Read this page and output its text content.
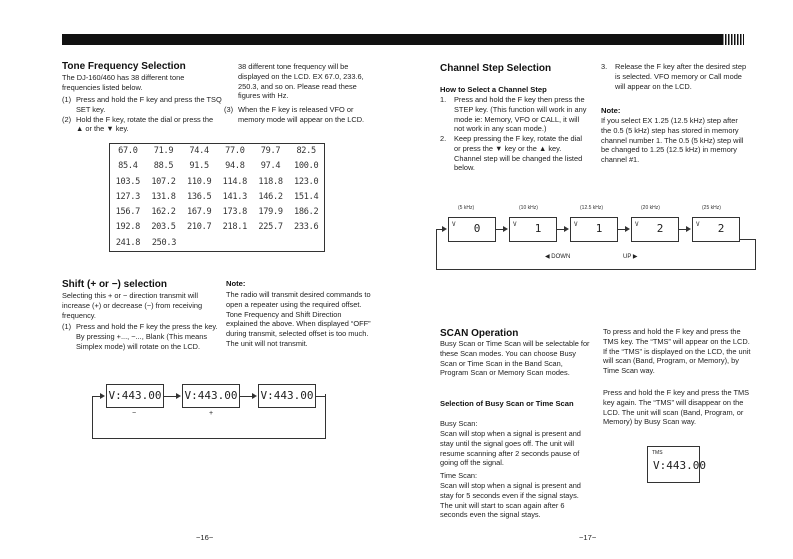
Tone Frequency Selection

The DJ-160/460 has 38 different tone frequencies listed below.

(1) Press and hold the F key and press the TSQ SET key.
(2) Hold the F key, rotate the dial or press the ▲ or the ▼ key.

38 different tone frequency will be displayed on the LCD. EX 67.0, 233.6, 250.3, and so on. Please read these figures with Hz.

(3) When the F key is released VFO or memory mode will appear on the LCD.
67.0	71.9	74.4	77.0	79.7	82.5
85.4	88.5	91.5	94.8	97.4	100.0
103.5	107.2	110.9	114.8	118.8	123.0
127.3	131.8	136.5	141.3	146.2	151.4
156.7	162.2	167.9	173.8	179.9	186.2
192.8	203.5	210.7	218.1	225.7	233.6
241.8	250.3
Shift (+ or −) selection

Selecting this + or − direction transmit will increase (+) or decrease (−) from receiving frequency.

(1) Press and hold the F key the press the key. By pressing +..., −..., Blank (This means Simplex mode) will rotate on the LCD.
Note:

The radio will transmit desired commands to open a repeater using the required offset. Tone Frequency and Shift Direction explained the above. When displayed “OFF” during transmit, selected offset is too much. The unit will not transmit.

V:443.00
−
V:443.00
+
V:443.00
−16−
Channel Step Selection
How to Select a Channel Step
1. Press and hold the F key then press the STEP key. (This function will work in any mode ie: Memory, VFO or CALL, it will not work in any scan mode.)
2. Keep pressing the F key, rotate the dial or press the ▼ key or the ▲ key. Channel step will be changed the listed below.
3. Release the F key after the desired step is selected. VFO memory or Call mode will appear on the LCD.
Note:

If you select EX 1.25 (12.5 kHz) step after the 0.5 (5 kHz) step has stored in memory channel number 1. The 0.5 (5 kHz) step will be changed to 1.25 (12.5 kHz) in memory channel #1.

(5 kHz)
V 0
(10 kHz)
V 1
(12.5 kHz)
V 1
(20 kHz)
V 2
(25 kHz)
V 2
◀ DOWN	UP ▶
SCAN Operation

Busy Scan or Time Scan will be selectable for these Scan modes. You can choose Busy Scan or Time Scan in the Band Scan, Program Scan or Memory Scan modes.

Selection of Busy Scan or Time Scan

Busy Scan:

Scan will stop when a signal is present and stay until the signal goes off. The unit will resume scanning after 2 seconds pause of going off the signal.

Time Scan:

Scan will stop when a signal is present and stay for 5 seconds even if the signal stays. The unit will start to scan again after 6 seconds even the signal stays.

To press and hold the F key and press the TMS key. The “TMS” will appear on the LCD. If the “TMS” is displayed on the LCD, the unit will scan (Band, Program, or Memory), by Time Scan way.

Press and hold the F key and press the TMS key again. The “TMS” will disappear on the LCD. The unit will scan (Band, Program, or Memory) by Busy Scan way.

TMS
V:443.00
−17−
